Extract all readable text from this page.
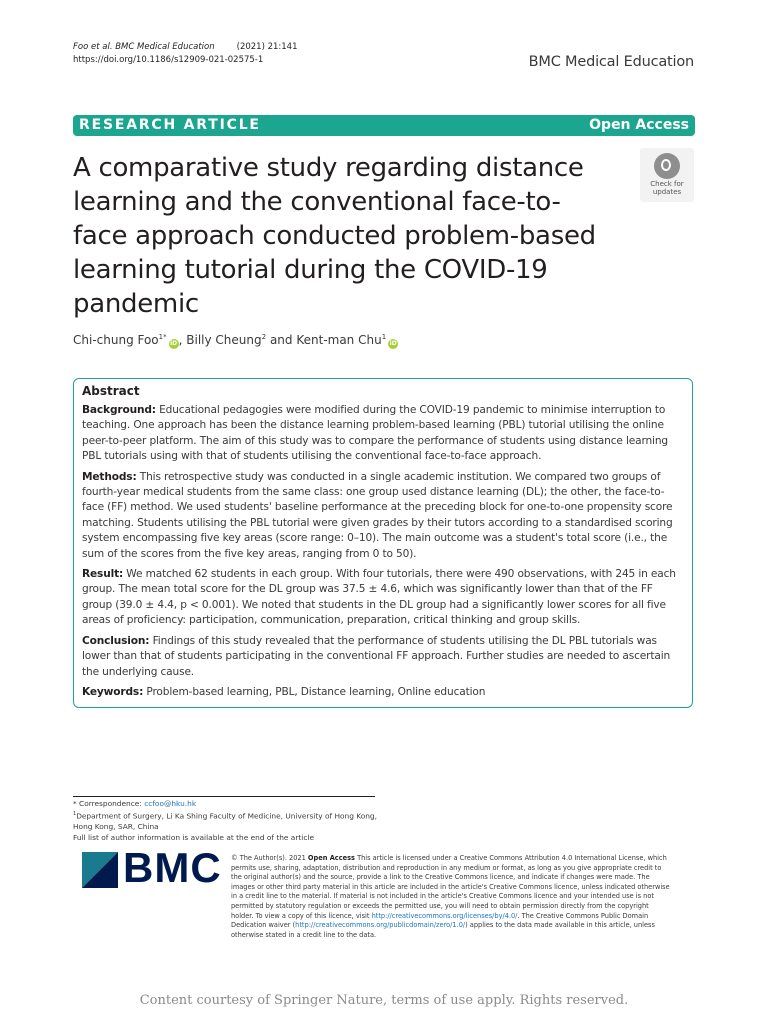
Foo et al. BMC Medical Education	(2021) 21:141
https://doi.org/10.1186/s12909-021-02575-1	BMC Medical Education
RESEARCH ARTICLE	Open Access
A comparative study regarding distance learning and the conventional face-to-face approach conducted problem-based learning tutorial during the COVID-19 pandemic
Check for
updates
Chi-chung Foo$^{1*}$iD, Billy Cheung$^2$ and Kent-man Chu$^1$iD
Abstract

Background: Educational pedagogies were modified during the COVID-19 pandemic to minimise interruption to teaching. One approach has been the distance learning problem-based learning (PBL) tutorial utilising the online peer-to-peer platform. The aim of this study was to compare the performance of students using distance learning PBL tutorials using with that of students utilising the conventional face-to-face approach.

Methods: This retrospective study was conducted in a single academic institution. We compared two groups of fourth-year medical students from the same class: one group used distance learning (DL); the other, the face-to-face (FF) method. We used students' baseline performance at the preceding block for one-to-one propensity score matching. Students utilising the PBL tutorial were given grades by their tutors according to a standardised scoring system encompassing five key areas (score range: 0–10). The main outcome was a student's total score (i.e., the sum of the scores from the five key areas, ranging from 0 to 50).

Result: We matched 62 students in each group. With four tutorials, there were 490 observations, with 245 in each group. The mean total score for the DL group was 37.5 ± 4.6, which was significantly lower than that of the FF group (39.0 ± 4.4, p < 0.001). We noted that students in the DL group had a significantly lower scores for all five areas of proficiency: participation, communication, preparation, critical thinking and group skills.

Conclusion: Findings of this study revealed that the performance of students utilising the DL PBL tutorials was lower than that of students participating in the conventional FF approach. Further studies are needed to ascertain the underlying cause.

Keywords: Problem-based learning, PBL, Distance learning, Online education

* Correspondence: ccfoo@hku.hk
$^1$Department of Surgery, Li Ka Shing Faculty of Medicine, University of Hong Kong, Hong Kong, SAR, China
Full list of author information is available at the end of the article
BMC © The Author(s). 2021 Open Access This article is licensed under a Creative Commons Attribution 4.0 International License, which permits use, sharing, adaptation, distribution and reproduction in any medium or format, as long as you give appropriate credit to the original author(s) and the source, provide a link to the Creative Commons licence, and indicate if changes were made. The images or other third party material in this article are included in the article's Creative Commons licence, unless indicated otherwise in a credit line to the material. If material is not included in the article's Creative Commons licence and your intended use is not permitted by statutory regulation or exceeds the permitted use, you will need to obtain permission directly from the copyright holder. To view a copy of this licence, visit http://creativecommons.org/licenses/by/4.0/. The Creative Commons Public Domain Dedication waiver (http://creativecommons.org/publicdomain/zero/1.0/) applies to the data made available in this article, unless otherwise stated in a credit line to the data.
Content courtesy of Springer Nature, terms of use apply. Rights reserved.
